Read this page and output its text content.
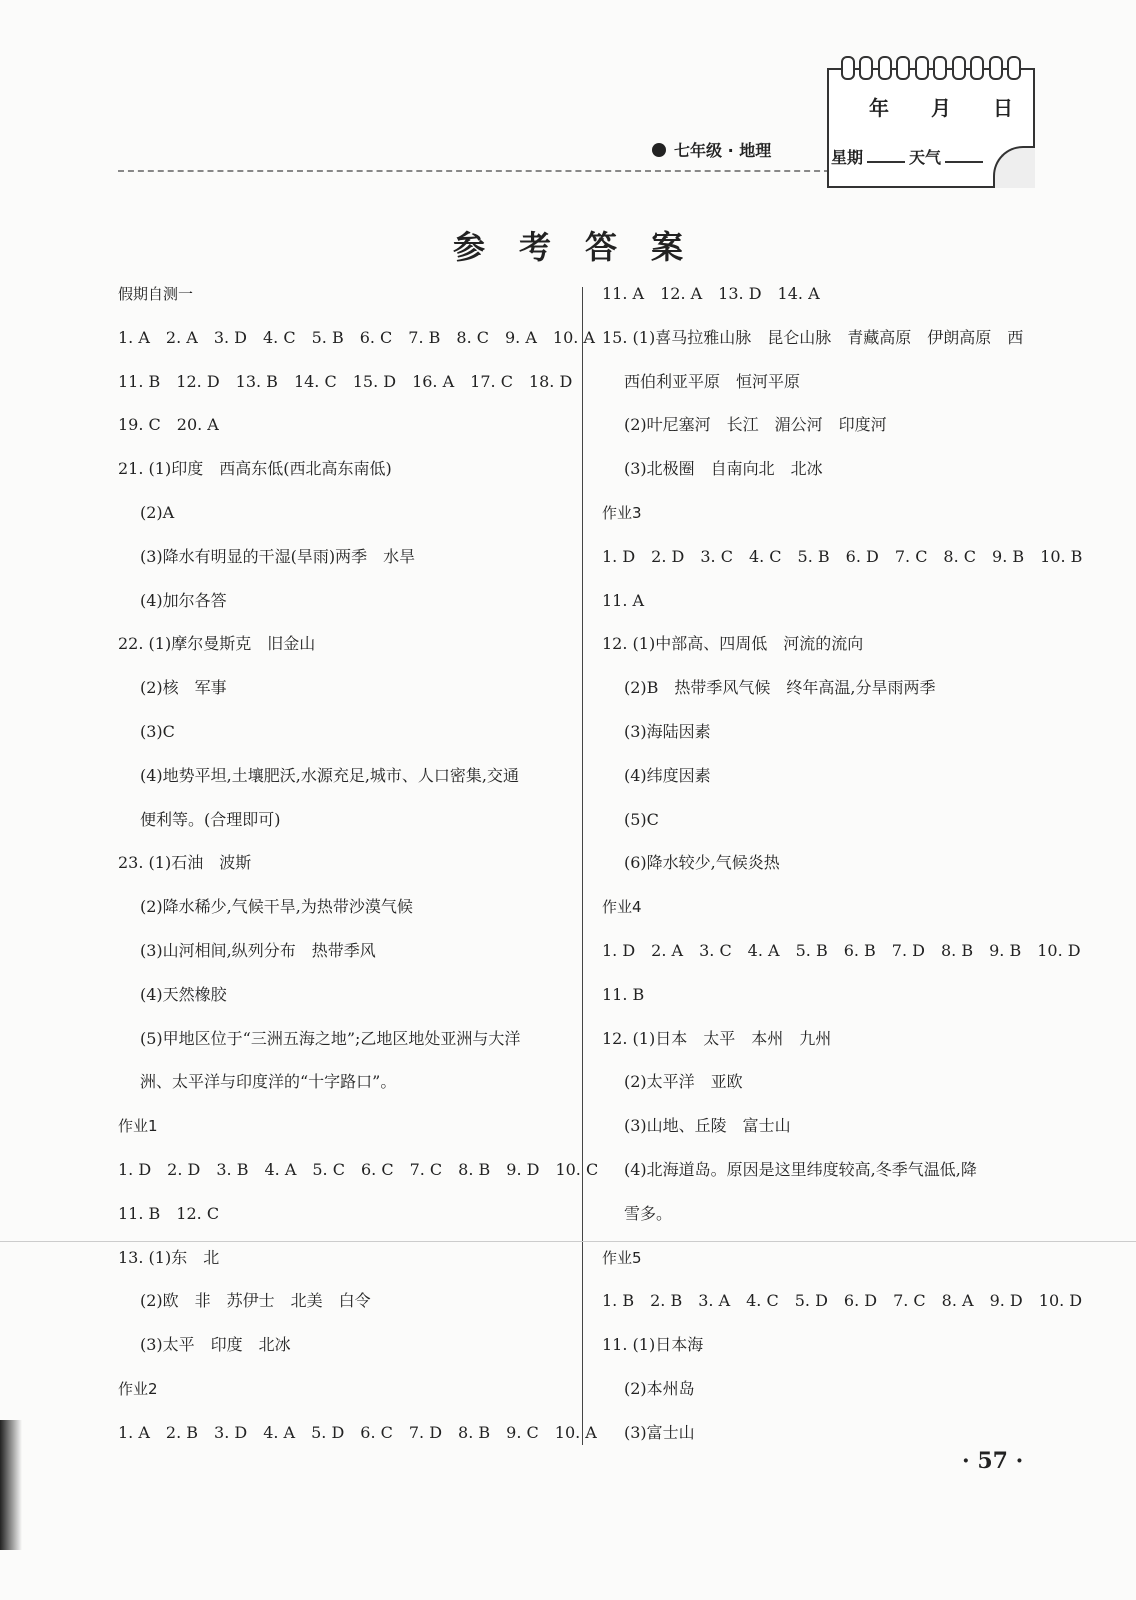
七年级 · 地理
年 月 日
星期	天气
参考答案
假期自测一
1. A　2. A　3. D　4. C　5. B　6. C　7. B　8. C　9. A　10. A
11. B　12. D　13. B　14. C　15. D　16. A　17. C　18. D
19. C　20. A
21. (1)印度　西高东低(西北高东南低)
(2)A
(3)降水有明显的干湿(旱雨)两季　水旱
(4)加尔各答
22. (1)摩尔曼斯克　旧金山
(2)核　军事
(3)C
(4)地势平坦,土壤肥沃,水源充足,城市、人口密集,交通
便利等。(合理即可)
23. (1)石油　波斯
(2)降水稀少,气候干旱,为热带沙漠气候
(3)山河相间,纵列分布　热带季风
(4)天然橡胶
(5)甲地区位于“三洲五海之地”;乙地区地处亚洲与大洋
洲、太平洋与印度洋的“十字路口”。
作业1
1. D　2. D　3. B　4. A　5. C　6. C　7. C　8. B　9. D　10. C
11. B　12. C
13. (1)东　北
(2)欧　非　苏伊士　北美　白令
(3)太平　印度　北冰
作业2
1. A　2. B　3. D　4. A　5. D　6. C　7. D　8. B　9. C　10. A
11. A　12. A　13. D　14. A
15. (1)喜马拉雅山脉　昆仑山脉　青藏高原　伊朗高原　西
西伯利亚平原　恒河平原
(2)叶尼塞河　长江　湄公河　印度河
(3)北极圈　自南向北　北冰
作业3
1. D　2. D　3. C　4. C　5. B　6. D　7. C　8. C　9. B　10. B
11. A
12. (1)中部高、四周低　河流的流向
(2)B　热带季风气候　终年高温,分旱雨两季
(3)海陆因素
(4)纬度因素
(5)C
(6)降水较少,气候炎热
作业4
1. D　2. A　3. C　4. A　5. B　6. B　7. D　8. B　9. B　10. D
11. B
12. (1)日本　太平　本州　九州
(2)太平洋　亚欧
(3)山地、丘陵　富士山
(4)北海道岛。原因是这里纬度较高,冬季气温低,降
雪多。
作业5
1. B　2. B　3. A　4. C　5. D　6. D　7. C　8. A　9. D　10. D
11. (1)日本海
(2)本州岛
(3)富士山
· 57 ·
